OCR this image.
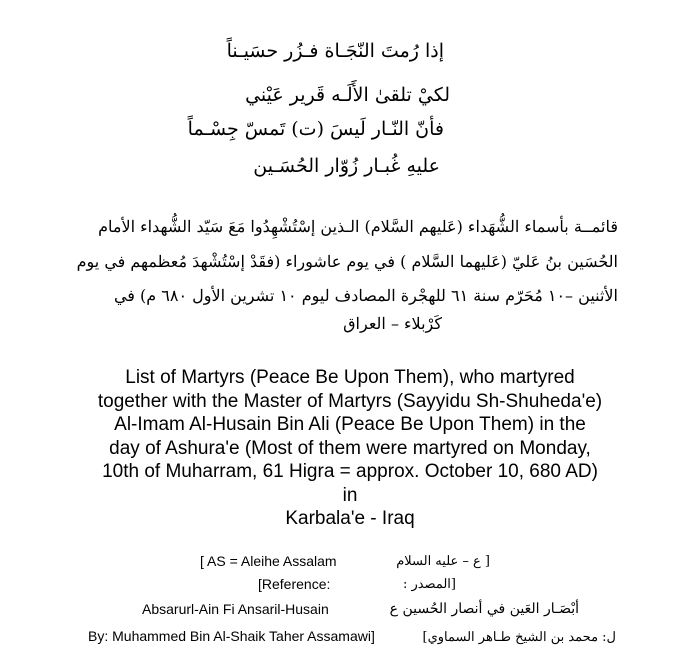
إذا رُمتَ النّجَـاة فـزُر حسَيـناً
لكيْ تلقىٰ الأَلَـه قَرير عَيْني
فأنّ النّـار لَيسَ (ت) تَمسّ جِسْـماً
عليهِ غُبـار زُوّار الحُسَـين
قائمــة بأسماء الشُّهَداء (عَليهم السَّلام) الـذين إسْتُشْهِدُوا مَعَ سَيّد الشُّهداء الأمام
الحُسَين بنُ عَليّ (عَليهما السَّلام ) في يوم عاشوراء (فقَدْ إسْتُشْهدَ مُعظمهم في يوم
الأثنين –١٠ مُحَرّم سنة ٦١ للهجْرة المصادف ليوم ١٠ تشرين الأول ٦٨٠ م) في
كَرْبلاء – العراق
List of Martyrs (Peace Be Upon Them), who martyred
together with the Master of Martyrs (Sayyidu Sh-Shuheda'e)
Al-Imam Al-Husain Bin Ali (Peace Be Upon Them) in the
day of Ashura'e (Most of them were martyred on Monday,
10th of Muharram, 61 Higra = approx. October 10, 680 AD)
in
Karbala'e - Iraq
[ AS = Aleihe Assalam	[ ع – عليه السلام
[Reference:	[المصدر :
Absarurl-Ain Fi Ansaril-Husain	أبْصَـار العَين في أنصار الحُسين ع
By: Muhammed Bin Al-Shaik Taher Assamawi]	ل: محمد بن الشيخ طـاهر السماوي]
